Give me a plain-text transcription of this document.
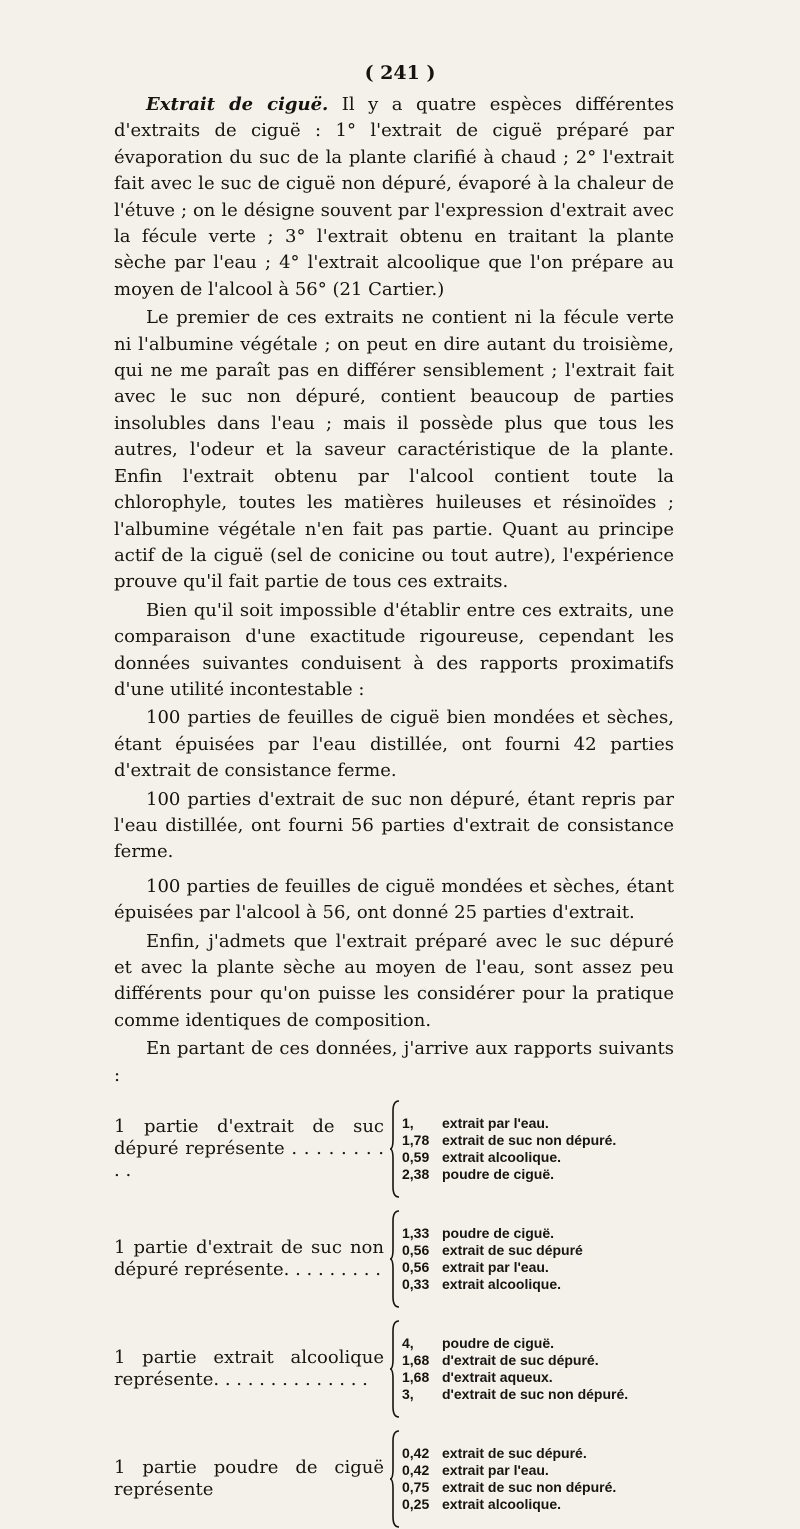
( 241 )

Extrait de ciguë. Il y a quatre espèces différentes d'extraits de ciguë : 1° l'extrait de ciguë préparé par évaporation du suc de la plante clarifié à chaud ; 2° l'extrait fait avec le suc de ciguë non dépuré, évaporé à la chaleur de l'étuve ; on le désigne souvent par l'expression d'extrait avec la fécule verte ; 3° l'extrait obtenu en traitant la plante sèche par l'eau ; 4° l'extrait alcoolique que l'on prépare au moyen de l'alcool à 56° (21 Cartier.)

Le premier de ces extraits ne contient ni la fécule verte ni l'albumine végétale ; on peut en dire autant du troisième, qui ne me paraît pas en différer sensiblement ; l'extrait fait avec le suc non dépuré, contient beaucoup de parties insolubles dans l'eau ; mais il possède plus que tous les autres, l'odeur et la saveur caractéristique de la plante. Enfin l'extrait obtenu par l'alcool contient toute la chlorophyle, toutes les matières huileuses et résinoïdes ; l'albumine végétale n'en fait pas partie. Quant au principe actif de la ciguë (sel de conicine ou tout autre), l'expérience prouve qu'il fait partie de tous ces extraits.

Bien qu'il soit impossible d'établir entre ces extraits, une comparaison d'une exactitude rigoureuse, cependant les données suivantes conduisent à des rapports proximatifs d'une utilité incontestable :

100 parties de feuilles de ciguë bien mondées et sèches, étant épuisées par l'eau distillée, ont fourni 42 parties d'extrait de consistance ferme.

100 parties d'extrait de suc non dépuré, étant repris par l'eau distillée, ont fourni 56 parties d'extrait de consistance ferme.

100 parties de feuilles de ciguë mondées et sèches, étant épuisées par l'alcool à 56, ont donné 25 parties d'extrait.

Enfin, j'admets que l'extrait préparé avec le suc dépuré et avec la plante sèche au moyen de l'eau, sont assez peu différents pour qu'on puisse les considérer pour la pratique comme identiques de composition.

En partant de ces données, j'arrive aux rapports suivants :

1 partie d'extrait de suc dépuré représente . . . . . . . . . .
1,	extrait par l'eau.
1,78 extrait de suc non dépuré.
0,59 extrait alcoolique.
2,38 poudre de ciguë.
1 partie d'extrait de suc non dépuré représente. . . . . . . . .
1,33 poudre de ciguë.
0,56 extrait de suc dépuré
0,56 extrait par l'eau.
0,33 extrait alcoolique.
1 partie extrait alcoolique représente. . . . . . . . . . . . . .
4,	poudre de ciguë.
1,68 d'extrait de suc dépuré.
1,68 d'extrait aqueux.
3,	d'extrait de suc non dépuré.
1 partie poudre de ciguë représente
0,42 extrait de suc dépuré.
0,42 extrait par l'eau.
0,75 extrait de suc non dépuré.
0,25 extrait alcoolique.
